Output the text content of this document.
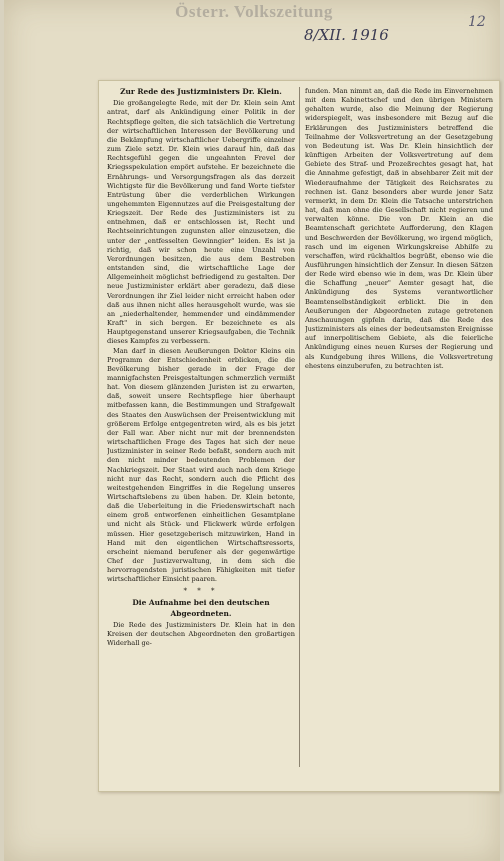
Österr. Volkszeitung
8/XII. 1916
12

Zur Rede des Justizministers Dr. Klein.

Die großangelegte Rede, mit der Dr. Klein sein Amt antrat, darf als Ankündigung einer Politik in der Rechtspflege gelten, die sich tatsächlich die Vertretung der wirtschaftlichen Interessen der Bevölkerung und die Bekämpfung wirtschaftlicher Uebergriffe einzelner zum Ziele setzt. Dr. Klein wies darauf hin, daß das Rechtsgefühl gegen die ungeahnten Frevel der Kriegsspekulation empört aufstehe. Er bezeichnete die Ernährungs- und Versorgungsfragen als das derzeit Wichtigste für die Bevölkerung und fand Worte tiefster Entrüstung über die verderblichen Wirkungen ungehemmten Eigennutzes auf die Preisgestaltung der Kriegszeit. Der Rede des Justizministers ist zu entnehmen, daß er entschlossen ist, Recht und Rechtseinrichtungen zugunsten aller einzusetzen, die unter der „entfesselten Gewinngier" leiden. Es ist ja richtig, daß wir schon heute eine Unzahl von Verordnungen besitzen, die aus dem Bestreben entstanden sind, die wirtschaftliche Lage der Allgemeinheit möglichst befriedigend zu gestalten. Der neue Justizminister erklärt aber geradezu, daß diese Verordnungen ihr Ziel leider nicht erreicht haben oder daß aus ihnen nicht alles herausgeholt wurde, was sie an „niederhaltender, hemmender und eindämmender Kraft" in sich bergen. Er bezeichnete es als Hauptgegenstand unserer Kriegsaufgaben, die Technik dieses Kampfes zu verbessern.

Man darf in diesen Aeußerungen Doktor Kleins ein Programm der Entschiedenheit erblicken, die die Bevölkerung bisher gerade in der Frage der mannigfachsten Preisgestaltungen schmerzlich vermißt hat. Von diesem glänzenden Juristen ist zu erwarten, daß, soweit unsere Rechtspflege hier überhaupt mitbefassen kann, die Bestimmungen und Strafgewalt des Staates den Auswüchsen der Preisentwicklung mit größerem Erfolge entgegentreten wird, als es bis jetzt der Fall war. Aber nicht nur mit der brennendsten wirtschaftlichen Frage des Tages hat sich der neue Justizminister in seiner Rede befaßt, sondern auch mit den nicht minder bedeutenden Problemen der Nachkriegszeit. Der Staat wird auch nach dem Kriege nicht nur das Recht, sondern auch die Pflicht des weitestgehenden Eingriffes in die Regelung unseres Wirtschaftslebens zu üben haben. Dr. Klein betonte, daß die Ueberleitung in die Friedenswirtschaft nach einem groß entworfenen einheitlichen Gesamtplane und nicht als Stück- und Flickwerk würde erfolgen müssen. Hier gesetzgeberisch mitzuwirken, Hand in Hand mit den eigentlichen Wirtschaftsressorts, erscheint niemand berufener als der gegenwärtige Chef der Justizverwaltung, in dem sich die hervorragendsten juristischen Fähigkeiten mit tiefer wirtschaftlicher Einsicht paaren.

* * *

Die Aufnahme bei den deutschen Abgeordneten.

Die Rede des Justizministers Dr. Klein hat in den Kreisen der deutschen Abgeordneten den großartigen Widerhall ge-

funden. Man nimmt an, daß die Rede im Einvernehmen mit dem Kabinettschef und den übrigen Ministern gehalten wurde, also die Meinung der Regierung widerspiegelt, was insbesondere mit Bezug auf die Erklärungen des Justizministers betreffend die Teilnahme der Volksvertretung an der Gesetzgebung von Bedeutung ist. Was Dr. Klein hinsichtlich der künftigen Arbeiten der Volksvertretung auf dem Gebiete des Straf- und Prozeßrechtes gesagt hat, hat die Annahme gefestigt, daß in absehbarer Zeit mit der Wiederaufnahme der Tätigkeit des Reichsrates zu rechnen ist. Ganz besonders aber wurde jener Satz vermerkt, in dem Dr. Klein die Tatsache unterstrichen hat, daß man ohne die Gesellschaft nicht regieren und verwalten könne. Die von Dr. Klein an die Beamtenschaft gerichtete Aufforderung, den Klagen und Beschwerden der Bevölkerung, wo irgend möglich, rasch und im eigenen Wirkungskreise Abhilfe zu verschaffen, wird rückhaltlos begrüßt, ebenso wie die Ausführungen hinsichtlich der Zensur. In diesen Sätzen der Rede wird ebenso wie in dem, was Dr. Klein über die Schaffung „neuer" Aemter gesagt hat, die Ankündigung des Systems verantwortlicher Beamtenselbständigkeit erblickt. Die in den Aeußerungen der Abgeordneten zutage getretenen Anschauungen gipfeln darin, daß die Rede des Justizministers als eines der bedeutsamsten Ereignisse auf innerpolitischem Gebiete, als die feierliche Ankündigung eines neuen Kurses der Regierung und als Kundgebung ihres Willens, die Volksvertretung ehestens einzuberufen, zu betrachten ist.
